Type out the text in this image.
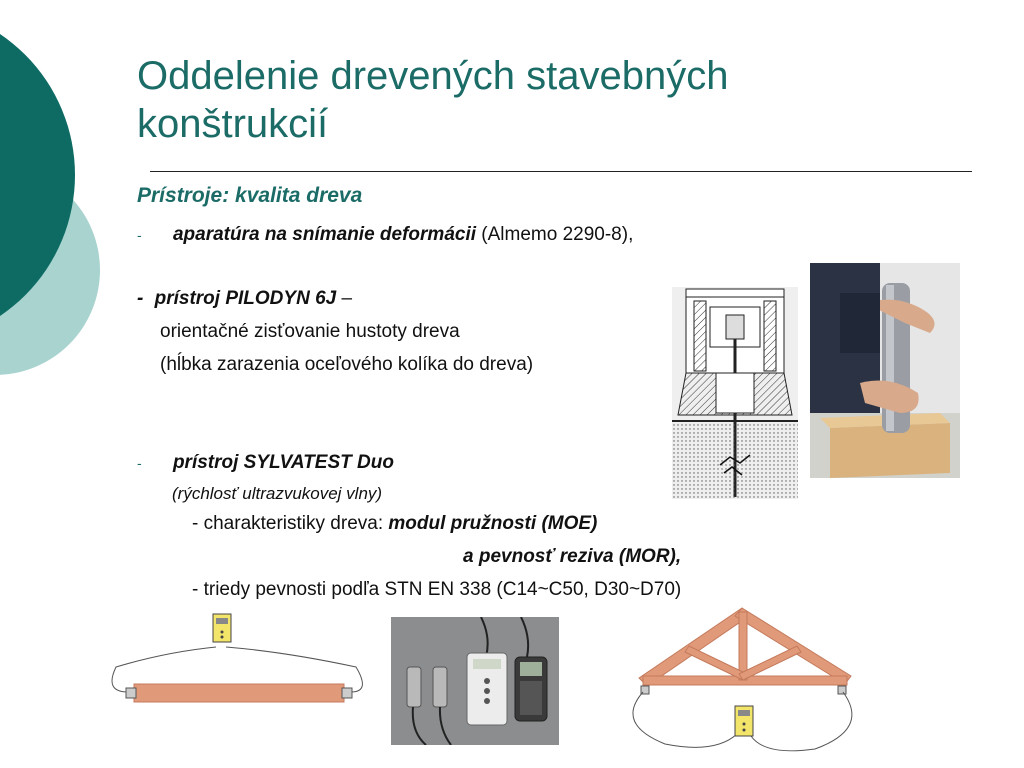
Oddelenie drevených stavebných konštrukcií
Prístroje: kvalita dreva
- aparatúra na snímanie deformácii (Almemo 2290-8),
- prístroj PILODYN 6J –
orientačné zisťovanie hustoty dreva
(hĺbka zarazenia oceľového kolíka do dreva)
- prístroj SYLVATEST Duo
(rýchlosť ultrazvukovej vlny)
- charakteristiky dreva: modul pružnosti (MOE)
a pevnosť reziva (MOR),
- triedy pevnosti podľa STN EN 338 (C14~C50, D30~D70)
